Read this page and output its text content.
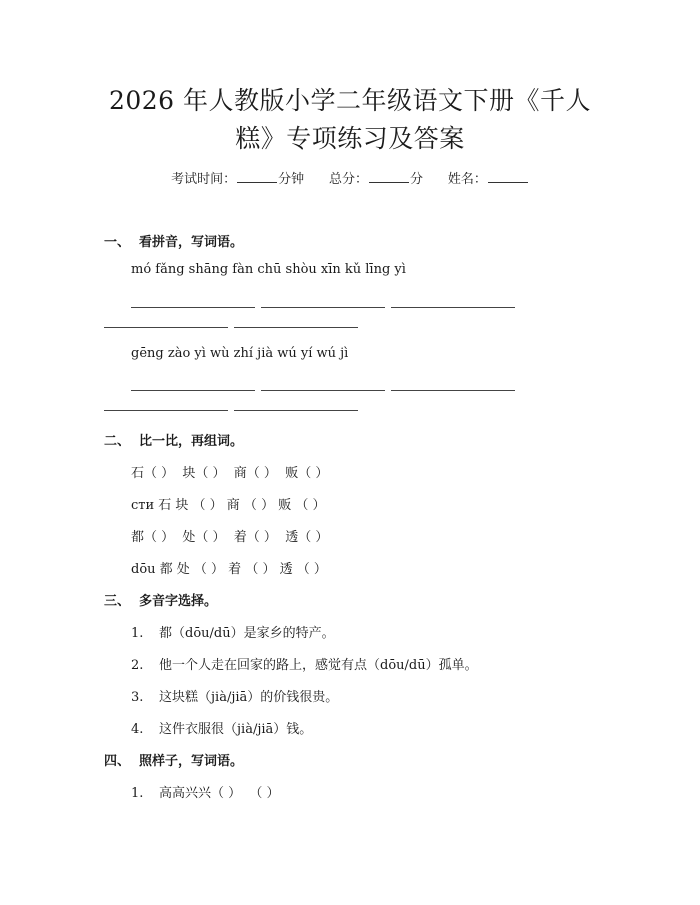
2026 年人教版小学二年级语文下册《千人
糕》专项练习及答案
考试时间：	分钟 总分：	分 姓名：
一、  看拼音，写词语。
mó fǎng shāng fàn chū shòu xīn kǔ līng yì
gēng zào yì wù zhí jià wú yí wú jì
二、  比一比，再组词。
石（ ）  块（ ）  商（ ）  贩（ ）
cти 石 块 （ ） 商 （ ） 贩 （ ）
都（ ）  处（ ）  着（ ）  透（ ）
dōu 都 处 （ ） 着 （ ） 透 （ ）
三、  多音字选择。
1. 都（dōu/dū）是家乡的特产。
2. 他一个人走在回家的路上，感觉有点（dōu/dū）孤单。
3. 这块糕（jià/jiā）的价钱很贵。
4. 这件衣服很（jià/jiā）钱。
四、  照样子，写词语。
1. 高高兴兴（ ）  （ ）
